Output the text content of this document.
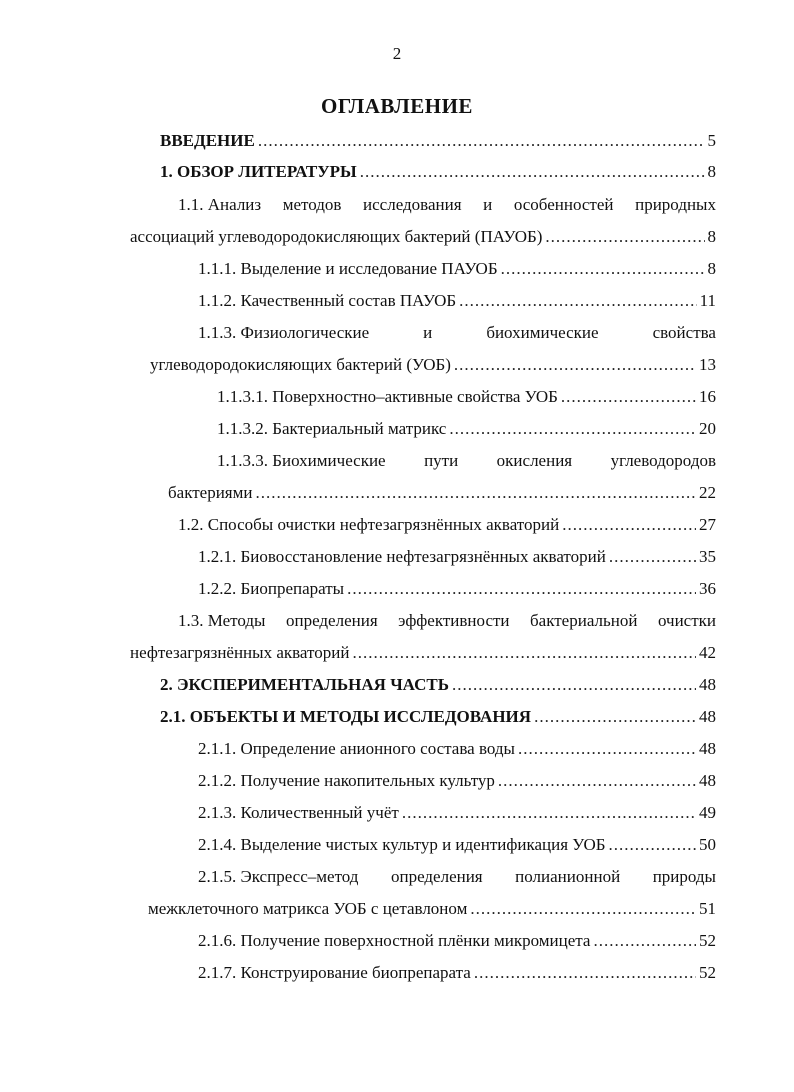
2
ОГЛАВЛЕНИЕ
ВВЕДЕНИЕ .....	5
1. ОБЗОР ЛИТЕРАТУРЫ .....	8
1.1. Анализ методов исследования и особенностей природных
ассоциаций углеводородокисляющих бактерий (ПАУОБ) .....	8
1.1.1. Выделение и исследование ПАУОБ .....	8
1.1.2. Качественный состав ПАУОБ .....	11
1.1.3. Физиологические	и	биохимические	свойства
углеводородокисляющих бактерий (УОБ) .....	13
1.1.3.1. Поверхностно–активные свойства УОБ .....	16
1.1.3.2. Бактериальный матрикс .....	20
1.1.3.3. Биохимические пути окисления углеводородов
бактериями .....	22
1.2. Способы очистки нефтезагрязнённых акваторий .....	27
1.2.1. Биовосстановление нефтезагрязнённых акваторий .....	35
1.2.2. Биопрепараты .....	36
1.3. Методы определения эффективности бактериальной очистки
нефтезагрязнённых акваторий .....	42
2. ЭКСПЕРИМЕНТАЛЬНАЯ ЧАСТЬ .....	48
2.1. ОБЪЕКТЫ И МЕТОДЫ ИССЛЕДОВАНИЯ .....	48
2.1.1. Определение анионного состава воды .....	48
2.1.2. Получение накопительных культур .....	48
2.1.3. Количественный учёт .....	49
2.1.4. Выделение чистых культур и идентификация УОБ .....	50
2.1.5. Экспресс–метод определения полианионной природы
межклеточного матрикса УОБ с цетавлоном .....	51
2.1.6. Получение поверхностной плёнки микромицета .....	52
2.1.7. Конструирование биопрепарата .....	52
